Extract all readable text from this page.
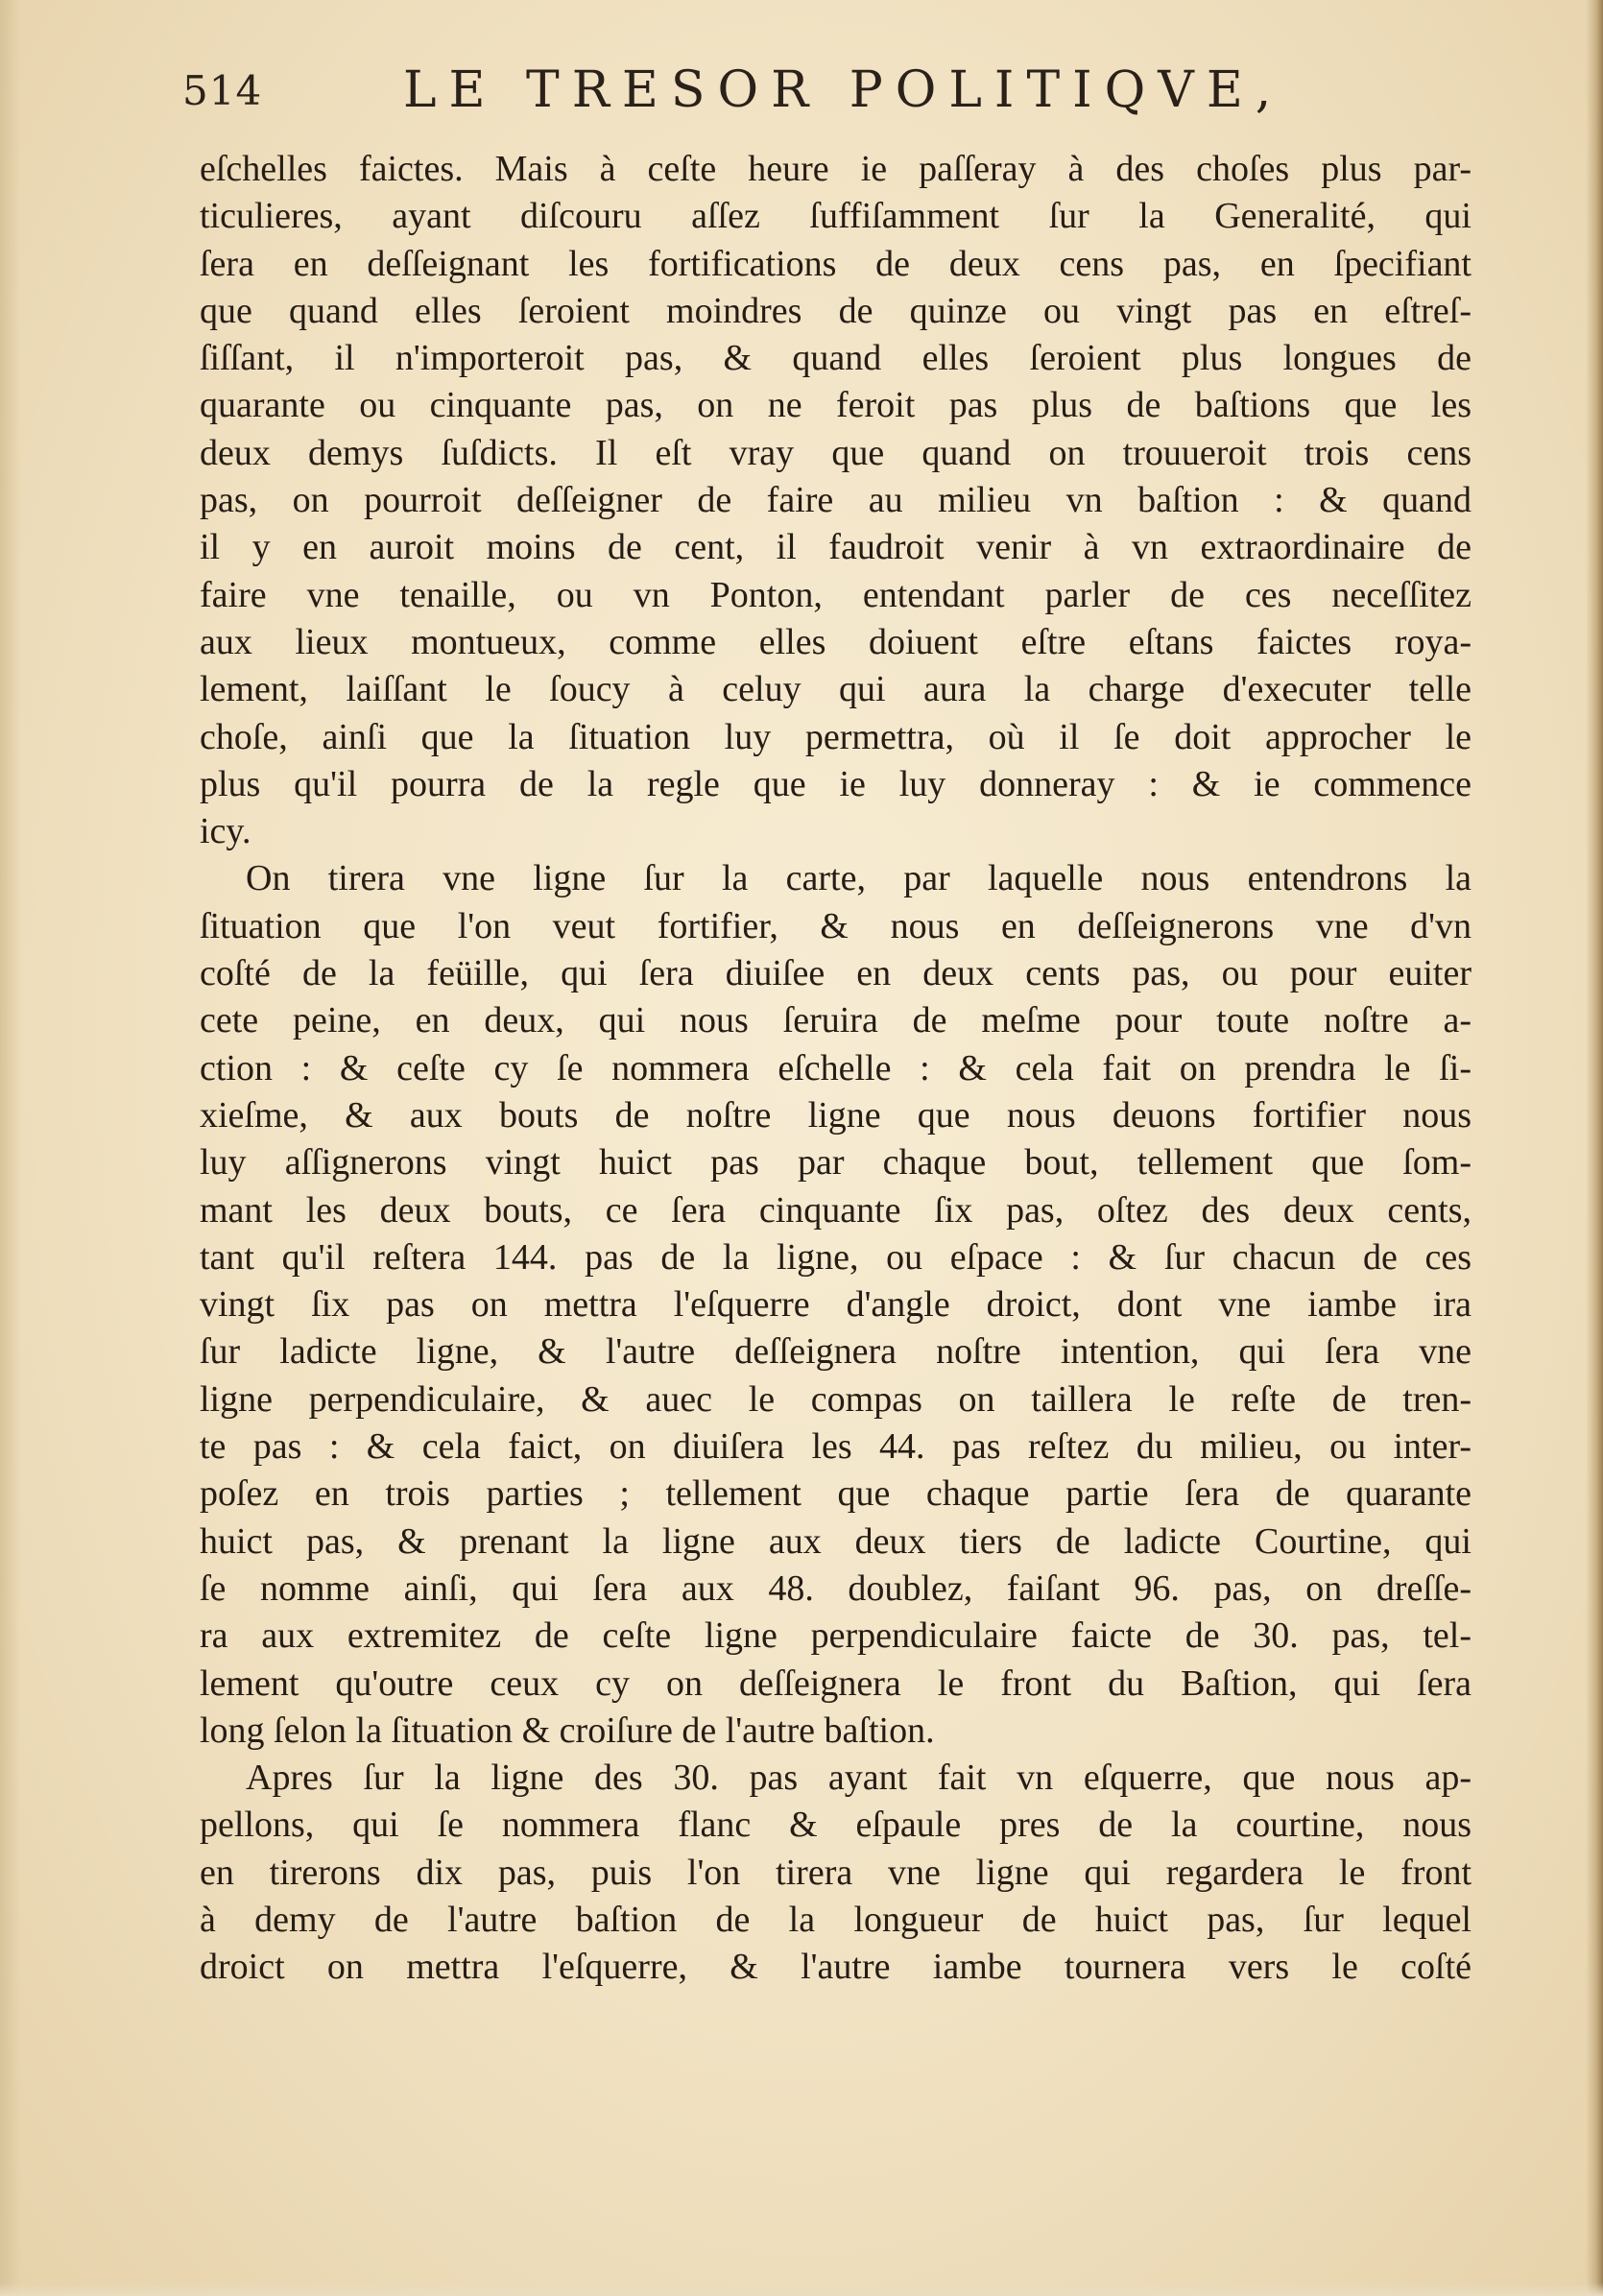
514	LE TRESOR POLITIQVE,
eſchelles faictes. Mais à ceſte heure ie paſſeray à des choſes plus par-
ticulieres, ayant diſcouru aſſez ſuffiſamment ſur la Generalité, qui
ſera en deſſeignant les fortifications de deux cens pas, en ſpecifiant
que quand elles ſeroient moindres de quinze ou vingt pas en eſtreſ-
ſiſſant, il n'importeroit pas, & quand elles ſeroient plus longues de
quarante ou cinquante pas, on ne feroit pas plus de baſtions que les
deux demys ſuſdicts. Il eſt vray que quand on trouueroit trois cens
pas, on pourroit deſſeigner de faire au milieu vn baſtion : & quand
il y en auroit moins de cent, il faudroit venir à vn extraordinaire de
faire vne tenaille, ou vn Ponton, entendant parler de ces neceſſitez
aux lieux montueux, comme elles doiuent eſtre eſtans faictes roya-
lement, laiſſant le ſoucy à celuy qui aura la charge d'executer telle
choſe, ainſi que la ſituation luy permettra, où il ſe doit approcher le
plus qu'il pourra de la regle que ie luy donneray : & ie commence
icy.
On tirera vne ligne ſur la carte, par laquelle nous entendrons la
ſituation que l'on veut fortifier, & nous en deſſeignerons vne d'vn
coſté de la feüille, qui ſera diuiſee en deux cents pas, ou pour euiter
cete peine, en deux, qui nous ſeruira de meſme pour toute noſtre a-
ction : & ceſte cy ſe nommera eſchelle : & cela fait on prendra le ſi-
xieſme, & aux bouts de noſtre ligne que nous deuons fortifier nous
luy aſſignerons vingt huict pas par chaque bout, tellement que ſom-
mant les deux bouts, ce ſera cinquante ſix pas, oſtez des deux cents,
tant qu'il reſtera 144. pas de la ligne, ou eſpace : & ſur chacun de ces
vingt ſix pas on mettra l'eſquerre d'angle droict, dont vne iambe ira
ſur ladicte ligne, & l'autre deſſeignera noſtre intention, qui ſera vne
ligne perpendiculaire, & auec le compas on taillera le reſte de tren-
te pas : & cela faict, on diuiſera les 44. pas reſtez du milieu, ou inter-
poſez en trois parties ; tellement que chaque partie ſera de quarante
huict pas, & prenant la ligne aux deux tiers de ladicte Courtine, qui
ſe nomme ainſi, qui ſera aux 48. doublez, faiſant 96. pas, on dreſſe-
ra aux extremitez de ceſte ligne perpendiculaire faicte de 30. pas, tel-
lement qu'outre ceux cy on deſſeignera le front du Baſtion, qui ſera
long ſelon la ſituation & croiſure de l'autre baſtion.
Apres ſur la ligne des 30. pas ayant fait vn eſquerre, que nous ap-
pellons, qui ſe nommera flanc & eſpaule pres de la courtine, nous
en tirerons dix pas, puis l'on tirera vne ligne qui regardera le front
à demy de l'autre baſtion de la longueur de huict pas, ſur lequel
droict on mettra l'eſquerre, & l'autre iambe tournera vers le coſté
